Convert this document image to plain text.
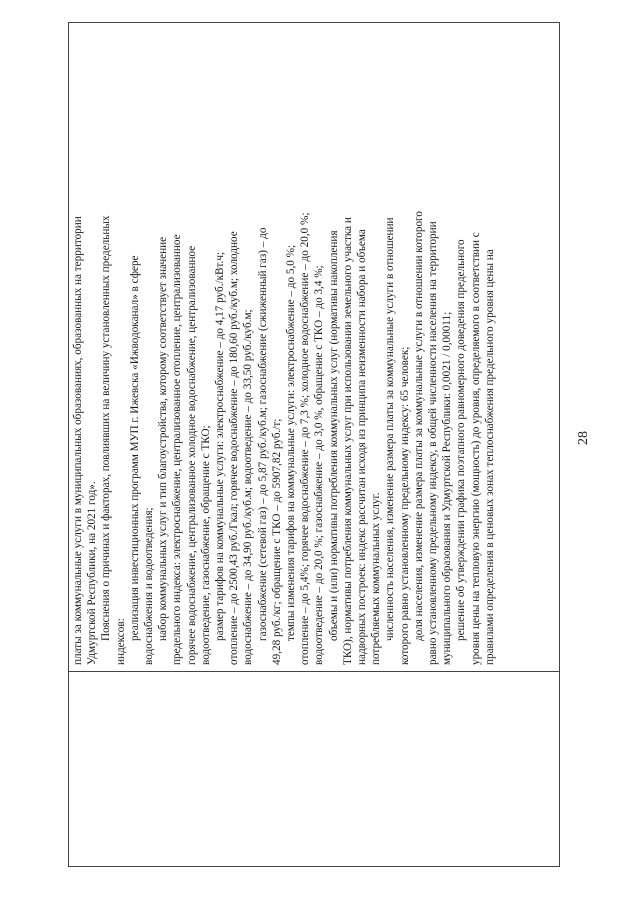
28

платы за коммунальные услуги в муниципальных образованиях, образованных на территории Удмуртской Республики, на 2021 год». Пояснения о причинах и факторах, повлиявших на величину установленных предельных

индексов:

реализация инвестиционных программ МУП г. Ижевска «Ижводоканал» в сфере водоснабжения и водоотведения; набор коммунальных услуг и тип благоустройства, которому соответствует значение предельного индекса: электроснабжение, централизованное отопление, централизованное горячее водоснабжение, централизованное холодное водоснабжение, централизованное водоотведение, газоснабжение, обращение с ТКО; размер тарифов на коммунальные услуги: электроснабжение – до 4,17 руб./кВт.ч; отопление – до 2500,43 руб./Гкал; горячее водоснабжение – до 180,60 руб./куб.м; холодное водоснабжение – до 34,90 руб./куб.м; водоотведение – до 33,50 руб./куб.м; газоснабжение (сетевой газ) – до 5,87 руб./куб.м; газоснабжение (сжиженный газ) – до 49,28 руб./кг; обращение с ТКО – до 5907,82 руб./т; темпы изменения тарифов на коммунальные услуги: электроснабжение – до 5,0 %; отопление – до 5,4%; горячее водоснабжение – до 7,3 %; холодное водоснабжение – до 20,0 %; водоотведение – до 20,0 %; газоснабжение – до 3,0 %, обращение с ТКО – до 3,4 %; объемы и (или) нормативы потребления коммунальных услуг (нормативы накопления ТКО), нормативы потребления коммунальных услуг при использовании земельного участка и надворных построек: индекс рассчитан исходя из принципа неизменности набора и объема потребляемых коммунальных услуг. численность населения, изменение размера платы за коммунальные услуги в отношении которого равно установленному предельному индексу: 65 человек; доля населения, изменение размера платы за коммунальные услуги в отношении которого равно установленному предельному индексу, в общей численности населения на территории муниципального образования и Удмуртской Республики: 0,0021 / 0,00011; решение об утверждении графика поэтапного равномерного доведения предельного уровня цены на тепловую энергию (мощность) до уровня, определяемого в соответствии с правилами определения в ценовых зонах теплоснабжения предельного уровня цены на
